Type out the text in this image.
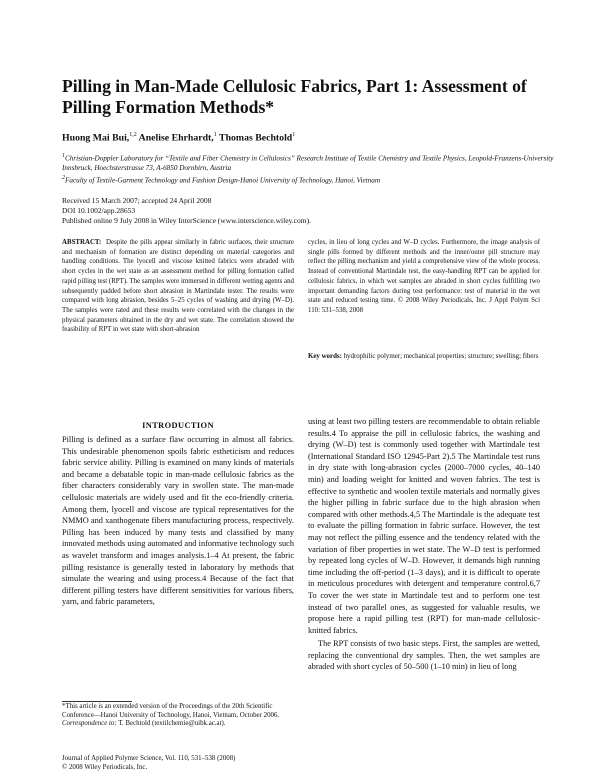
Pilling in Man-Made Cellulosic Fabrics, Part 1: Assessment of Pilling Formation Methods*

Huong Mai Bui,$^{1,2}$ Anelise Ehrhardt,$^1$ Thomas Bechtold$^1$

$^1$Christian-Doppler Laboratory for “Textile and Fiber Chemistry in Cellulosics” Research Institute of Textile Chemistry and Textile Physics, Leopold-Franzens-University Innsbruck, Hoechsterstrasse 73, A-6850 Dornbirn, Austria
$^2$Faculty of Textile-Garment Technology and Fashion Design-Hanoi University of Technology, Hanoi, Vietnam
Received 15 March 2007; accepted 24 April 2008
DOI 10.1002/app.28653
Published online 9 July 2008 in Wiley InterScience (www.interscience.wiley.com).

ABSTRACT: Despite the pills appear similarly in fabric surfaces, their structure and mechanism of formation are distinct depending on material categories and handling conditions. The lyocell and viscose knitted fabrics were abraded with short cycles in the wet state as an assessment method for pilling formation called rapid pilling test (RPT). The samples were immersed in different wetting agents and subsequently padded before short abrasion in Martindale tester. The results were compared with long abrasion, besides 5–25 cycles of washing and drying (W–D). The samples were rated and these results were correlated with the changes in the physical parameters obtained in the dry and wet state. The correlation showed the feasibility of RPT in wet state with short-abrasion

cycles, in lieu of long cycles and W–D cycles. Furthermore, the image analysis of single pills formed by different methods and the inner/outer pill structure may reflect the pilling mechanism and yield a comprehensive view of the whole process. Instead of conventional Martindale test, the easy-handling RPT can be applied for cellulosic fabrics, in which wet samples are abraded in short cycles fulfilling two important demanding factors during test performance: test of material in the wet state and reduced testing time. © 2008 Wiley Periodicals, Inc. J Appl Polym Sci 110: 531–538, 2008

Key words: hydrophilic polymer; mechanical properties; structure; swelling; fibers
INTRODUCTION

Pilling is defined as a surface flaw occurring in almost all fabrics. This undesirable phenomenon spoils fabric estheticism and reduces fabric service ability. Pilling is examined on many kinds of materials and became a debatable topic in man-made cellulosic fabrics as the fiber characters considerably vary in swollen state. The man-made cellulosic materials are widely used and fit the eco-friendly criteria. Among them, lyocell and viscose are typical representatives for the NMMO and xanthogenate fibers manufacturing process, respectively. Pilling has been induced by many tests and classified by many innovated methods using automated and informative technology such as wavelet transform and images analysis.1–4 At present, the fabric pilling resistance is generally tested in laboratory by methods that simulate the wearing and using process.4 Because of the fact that different pilling testers have different sensitivities for various fibers, yarn, and fabric parameters,

using at least two pilling testers are recommendable to obtain reliable results.4 To appraise the pill in cellulosic fabrics, the washing and drying (W–D) test is commonly used together with Martindale test (International Standard ISO 12945-Part 2).5 The Martindale test runs in dry state with long-abrasion cycles (2000–7000 cycles, 40–140 min) and loading weight for knitted and woven fabrics. The test is effective to synthetic and woolen textile materials and normally gives the higher pilling in fabric surface due to the high abrasion when compared with other methods.4,5 The Martindale is the adequate test to evaluate the pilling formation in fabric surface. However, the test may not reflect the pilling essence and the tendency related with the variation of fiber properties in wet state. The W–D test is performed by repeated long cycles of W–D. However, it demands high running time including the off-period (1–3 days), and it is difficult to operate in meticulous procedures with detergent and temperature control.6,7 To cover the wet state in Martindale test and to perform one test instead of two parallel ones, as suggested for valuable results, we propose here a rapid pilling test (RPT) for man-made cellulosic-knitted fabrics.

The RPT consists of two basic steps. First, the samples are wetted, replacing the conventional dry samples. Then, the wet samples are abraded with short cycles of 50–500 (1–10 min) in lieu of long

*This article is an extended version of the Proceedings of the 20th Scientific Conference—Hanoi University of Technology, Hanoi, Vietnam, October 2006.
Correspondence to: T. Bechtold (textilchemie@uibk.ac.at).
Journal of Applied Polymer Science, Vol. 110, 531–538 (2008)
© 2008 Wiley Periodicals, Inc.
